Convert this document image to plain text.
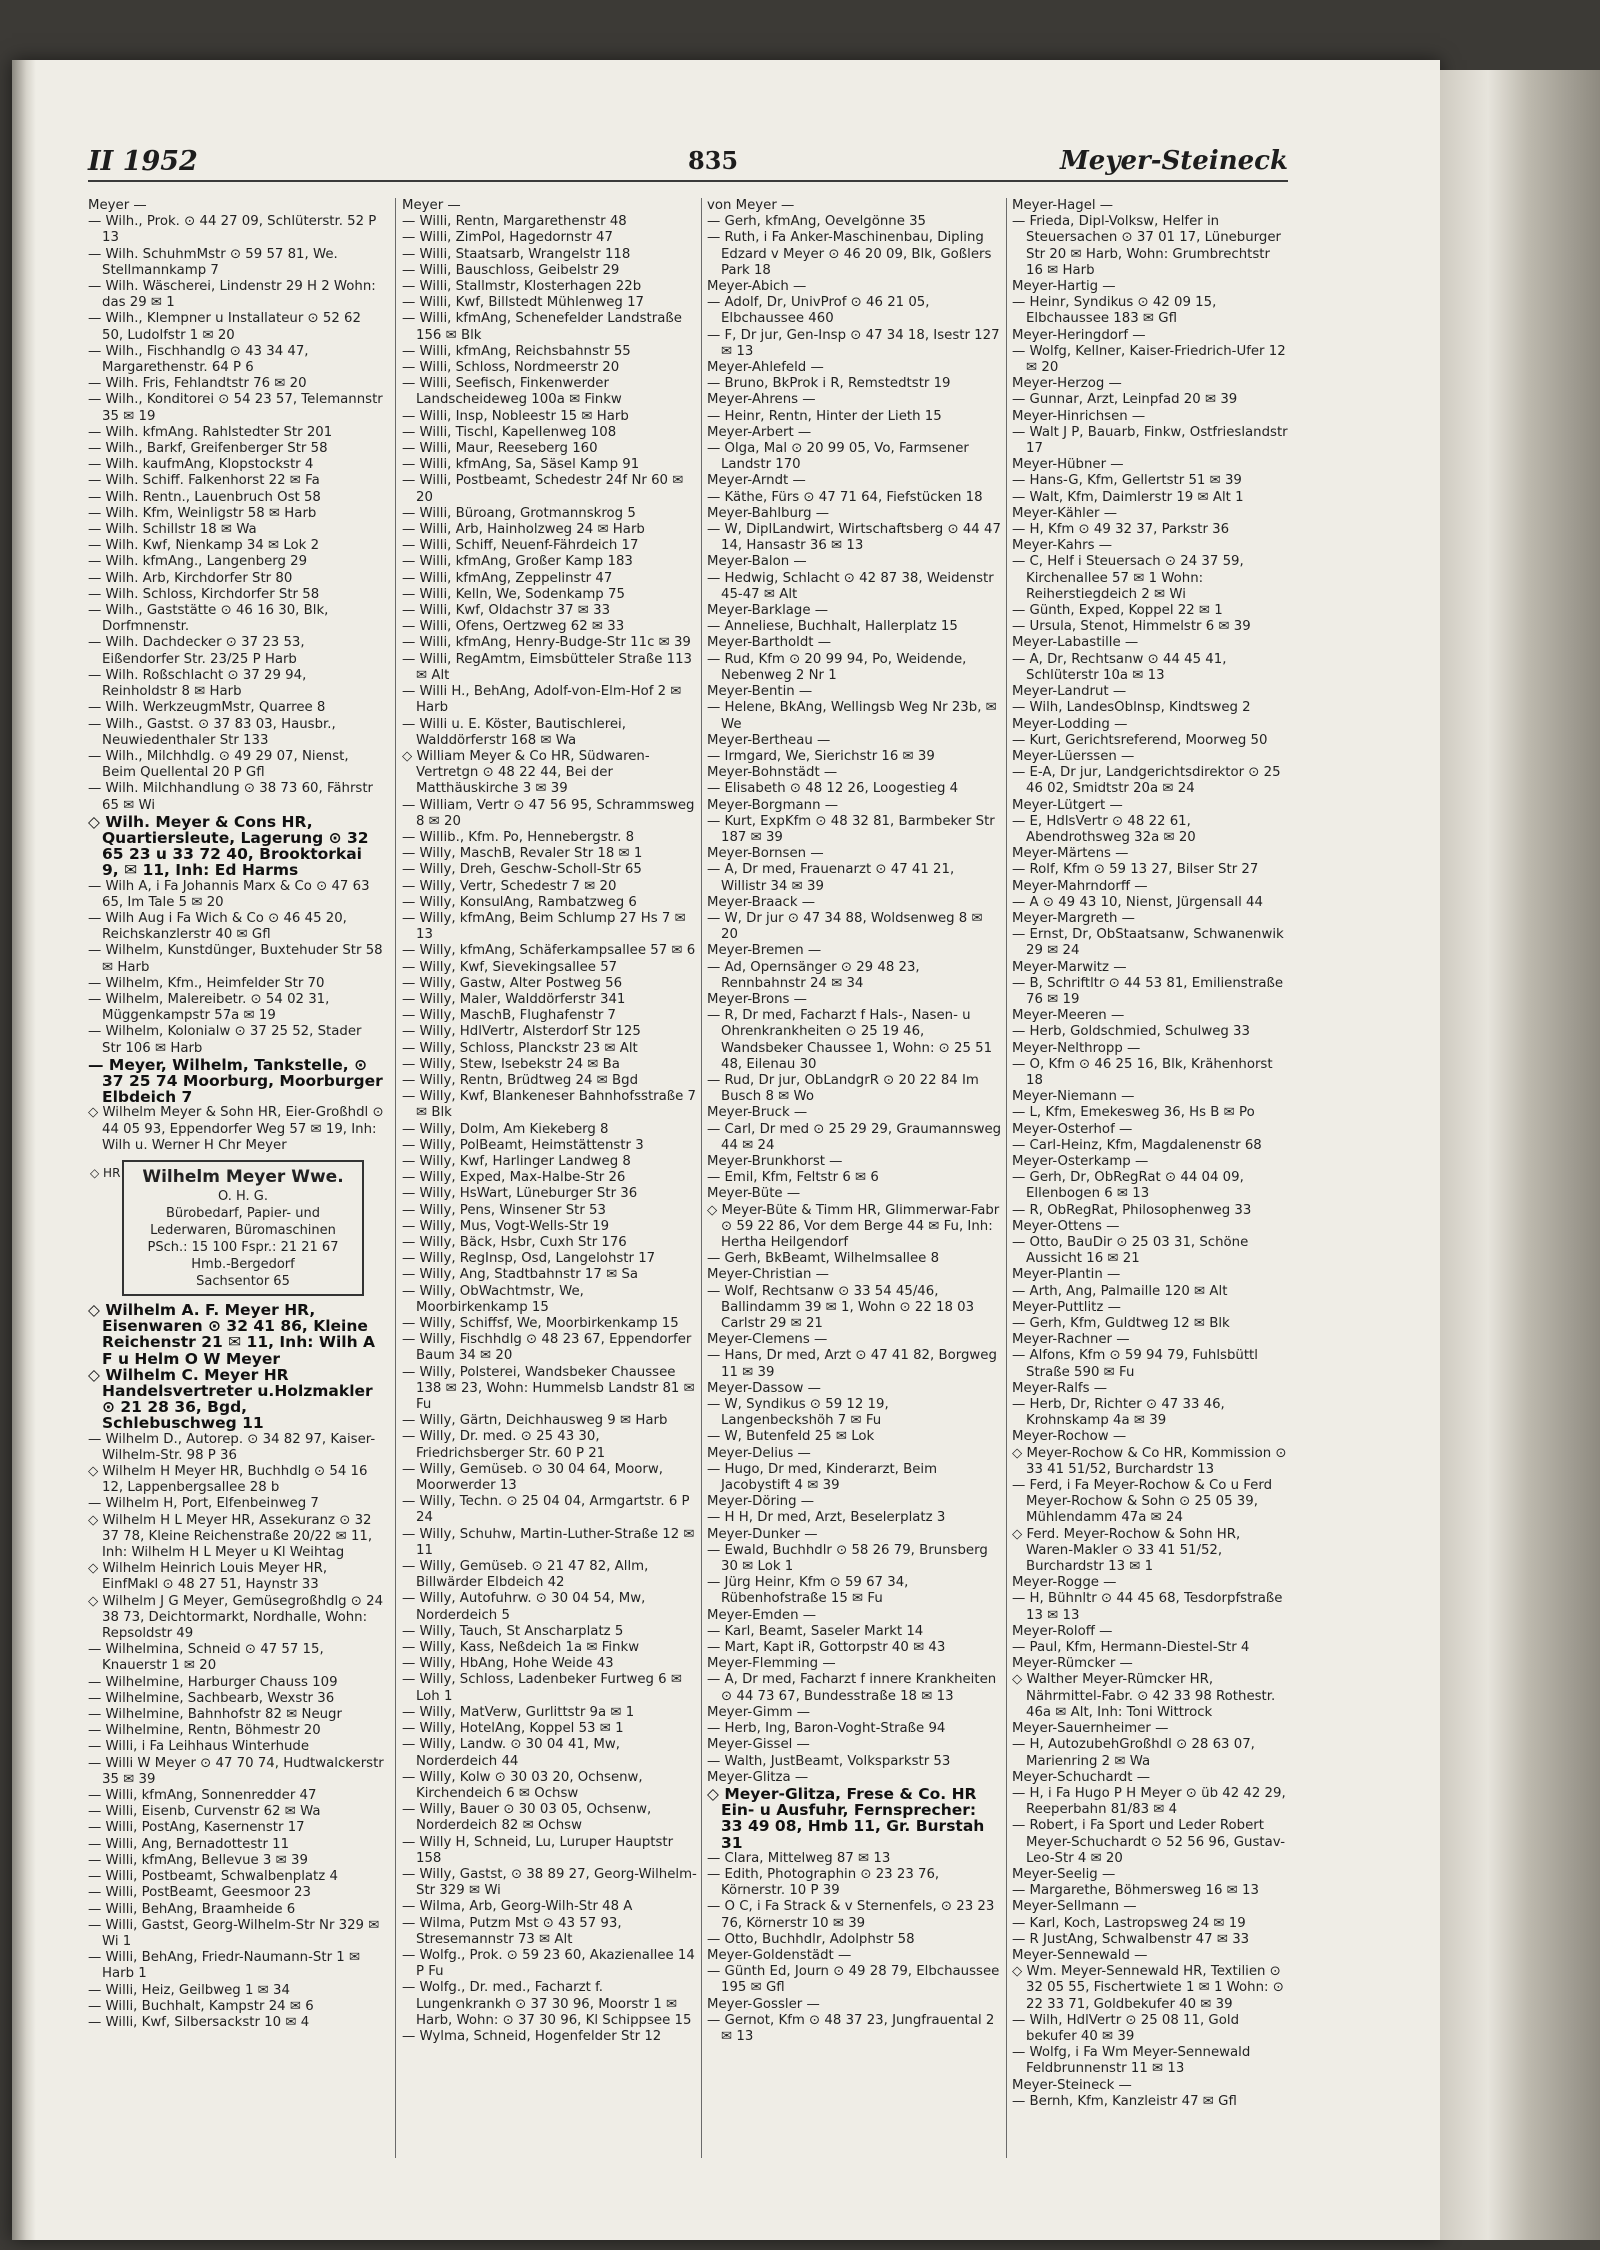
II 1952	835	Meyer-Steineck

Meyer —

— Wilh., Prok. ⊙ 44 27 09, Schlüterstr. 52 P 13

— Wilh. SchuhmMstr ⊙ 59 57 81, We. Stellmannkamp 7

— Wilh. Wäscherei, Lindenstr 29 H 2 Wohn: das 29 ✉ 1

— Wilh., Klempner u Installateur ⊙ 52 62 50, Ludolfstr 1 ✉ 20

— Wilh., Fischhandlg ⊙ 43 34 47, Margarethenstr. 64 P 6

— Wilh. Fris, Fehlandtstr 76 ✉ 20

— Wilh., Konditorei ⊙ 54 23 57, Telemannstr 35 ✉ 19

— Wilh. kfmAng. Rahlstedter Str 201

— Wilh., Barkf, Greifenberger Str 58

— Wilh. kaufmAng, Klopstockstr 4

— Wilh. Schiff. Falkenhorst 22 ✉ Fa

— Wilh. Rentn., Lauenbruch Ost 58

— Wilh. Kfm, Weinligstr 58 ✉ Harb

— Wilh. Schillstr 18 ✉ Wa

— Wilh. Kwf, Nienkamp 34 ✉ Lok 2

— Wilh. kfmAng., Langenberg 29

— Wilh. Arb, Kirchdorfer Str 80

— Wilh. Schloss, Kirchdorfer Str 58

— Wilh., Gaststätte ⊙ 46 16 30, Blk, Dorfmnenstr.

— Wilh. Dachdecker ⊙ 37 23 53, Eißendorfer Str. 23/25 P Harb

— Wilh. Roßschlacht ⊙ 37 29 94, Reinholdstr 8 ✉ Harb

— Wilh. WerkzeugmMstr, Quarree 8

— Wilh., Gastst. ⊙ 37 83 03, Hausbr., Neuwiedenthaler Str 133

— Wilh., Milchhdlg. ⊙ 49 29 07, Nienst, Beim Quellental 20 P Gfl

— Wilh. Milchhandlung ⊙ 38 73 60, Fährstr 65 ✉ Wi

◇ Wilh. Meyer & Cons HR, Quartiersleute, Lagerung ⊙ 32 65 23 u 33 72 40, Brooktorkai 9, ✉ 11, Inh: Ed Harms

— Wilh A, i Fa Johannis Marx & Co ⊙ 47 63 65, Im Tale 5 ✉ 20

— Wilh Aug i Fa Wich & Co ⊙ 46 45 20, Reichskanzlerstr 40 ✉ Gfl

— Wilhelm, Kunstdünger, Buxtehuder Str 58 ✉ Harb

— Wilhelm, Kfm., Heimfelder Str 70

— Wilhelm, Malereibetr. ⊙ 54 02 31, Müggenkampstr 57a ✉ 19

— Wilhelm, Kolonialw ⊙ 37 25 52, Stader Str 106 ✉ Harb

— Meyer, Wilhelm, Tankstelle, ⊙ 37 25 74 Moorburg, Moorburger Elbdeich 7

◇ Wilhelm Meyer & Sohn HR, Eier-Großhdl ⊙ 44 05 93, Eppendorfer Weg 57 ✉ 19, Inh: Wilh u. Werner H Chr Meyer

◇ HR	Wilhelm Meyer Wwe.
O. H. G.
Bürobedarf, Papier- und
Lederwaren, Büromaschinen
PSch.: 15 100 Fspr.: 21 21 67
Hmb.-Bergedorf
Sachsentor 65

◇ Wilhelm A. F. Meyer HR, Eisenwaren ⊙ 32 41 86, Kleine Reichenstr 21 ✉ 11, Inh: Wilh A F u Helm O W Meyer

◇ Wilhelm C. Meyer HR Handelsvertreter u.Holzmakler ⊙ 21 28 36, Bgd, Schlebuschweg 11

— Wilhelm D., Autorep. ⊙ 34 82 97, Kaiser-Wilhelm-Str. 98 P 36

◇ Wilhelm H Meyer HR, Buchhdlg ⊙ 54 16 12, Lappenbergsallee 28 b

— Wilhelm H, Port, Elfenbeinweg 7

◇ Wilhelm H L Meyer HR, Assekuranz ⊙ 32 37 78, Kleine Reichenstraße 20/22 ✉ 11, Inh: Wilhelm H L Meyer u Kl Weihtag

◇ Wilhelm Heinrich Louis Meyer HR, EinfMakl ⊙ 48 27 51, Haynstr 33

◇ Wilhelm J G Meyer, Gemüsegroßhdlg ⊙ 24 38 73, Deichtormarkt, Nordhalle, Wohn: Repsoldstr 49

— Wilhelmina, Schneid ⊙ 47 57 15, Knauerstr 1 ✉ 20

— Wilhelmine, Harburger Chauss 109

— Wilhelmine, Sachbearb, Wexstr 36

— Wilhelmine, Bahnhofstr 82 ✉ Neugr

— Wilhelmine, Rentn, Böhmestr 20

— Willi, i Fa Leihhaus Winterhude

— Willi W Meyer ⊙ 47 70 74, Hudtwalckerstr 35 ✉ 39

— Willi, kfmAng, Sonnenredder 47

— Willi, Eisenb, Curvenstr 62 ✉ Wa

— Willi, PostAng, Kasernenstr 17

— Willi, Ang, Bernadottestr 11

— Willi, kfmAng, Bellevue 3 ✉ 39

— Willi, Postbeamt, Schwalbenplatz 4

— Willi, PostBeamt, Geesmoor 23

— Willi, BehAng, Braamheide 6

— Willi, Gastst, Georg-Wilhelm-Str Nr 329 ✉ Wi 1

— Willi, BehAng, Friedr-Naumann-Str 1 ✉ Harb 1

— Willi, Heiz, Geilbweg 1 ✉ 34

— Willi, Buchhalt, Kampstr 24 ✉ 6

— Willi, Kwf, Silbersackstr 10 ✉ 4

Meyer —

— Willi, Rentn, Margarethenstr 48

— Willi, ZimPol, Hagedornstr 47

— Willi, Staatsarb, Wrangelstr 118

— Willi, Bauschloss, Geibelstr 29

— Willi, Stallmstr, Klosterhagen 22b

— Willi, Kwf, Billstedt Mühlenweg 17

— Willi, kfmAng, Schenefelder Landstraße 156 ✉ Blk

— Willi, kfmAng, Reichsbahnstr 55

— Willi, Schloss, Nordmeerstr 20

— Willi, Seefisch, Finkenwerder Landscheideweg 100a ✉ Finkw

— Willi, Insp, Nobleestr 15 ✉ Harb

— Willi, Tischl, Kapellenweg 108

— Willi, Maur, Reeseberg 160

— Willi, kfmAng, Sa, Säsel Kamp 91

— Willi, Postbeamt, Schedestr 24f Nr 60 ✉ 20

— Willi, Büroang, Grotmannskrog 5

— Willi, Arb, Hainholzweg 24 ✉ Harb

— Willi, Schiff, Neuenf-Fährdeich 17

— Willi, kfmAng, Großer Kamp 183

— Willi, kfmAng, Zeppelinstr 47

— Willi, Kelln, We, Sodenkamp 75

— Willi, Kwf, Oldachstr 37 ✉ 33

— Willi, Ofens, Oertzweg 62 ✉ 33

— Willi, kfmAng, Henry-Budge-Str 11c ✉ 39

— Willi, RegAmtm, Eimsbütteler Straße 113 ✉ Alt

— Willi H., BehAng, Adolf-von-Elm-Hof 2 ✉ Harb

— Willi u. E. Köster, Bautischlerei, Walddörferstr 168 ✉ Wa

◇ William Meyer & Co HR, Südwaren-Vertretgn ⊙ 48 22 44, Bei der Matthäuskirche 3 ✉ 39

— William, Vertr ⊙ 47 56 95, Schrammsweg 8 ✉ 20

— Willib., Kfm. Po, Hennebergstr. 8

— Willy, MaschB, Revaler Str 18 ✉ 1

— Willy, Dreh, Geschw-Scholl-Str 65

— Willy, Vertr, Schedestr 7 ✉ 20

— Willy, KonsulAng, Rambatzweg 6

— Willy, kfmAng, Beim Schlump 27 Hs 7 ✉ 13

— Willy, kfmAng, Schäferkampsallee 57 ✉ 6

— Willy, Kwf, Sievekingsallee 57

— Willy, Gastw, Alter Postweg 56

— Willy, Maler, Walddörferstr 341

— Willy, MaschB, Flughafenstr 7

— Willy, HdlVertr, Alsterdorf Str 125

— Willy, Schloss, Planckstr 23 ✉ Alt

— Willy, Stew, Isebekstr 24 ✉ Ba

— Willy, Rentn, Brüdtweg 24 ✉ Bgd

— Willy, Kwf, Blankeneser Bahnhofsstraße 7 ✉ Blk

— Willy, Dolm, Am Kiekeberg 8

— Willy, PolBeamt, Heimstättenstr 3

— Willy, Kwf, Harlinger Landweg 8

— Willy, Exped, Max-Halbe-Str 26

— Willy, HsWart, Lüneburger Str 36

— Willy, Pens, Winsener Str 53

— Willy, Mus, Vogt-Wells-Str 19

— Willy, Bäck, Hsbr, Cuxh Str 176

— Willy, RegInsp, Osd, Langelohstr 17

— Willy, Ang, Stadtbahnstr 17 ✉ Sa

— Willy, ObWachtmstr, We, Moorbirkenkamp 15

— Willy, Schiffsf, We, Moorbirkenkamp 15

— Willy, Fischhdlg ⊙ 48 23 67, Eppendorfer Baum 34 ✉ 20

— Willy, Polsterei, Wandsbeker Chaussee 138 ✉ 23, Wohn: Hummelsb Landstr 81 ✉ Fu

— Willy, Gärtn, Deichhausweg 9 ✉ Harb

— Willy, Dr. med. ⊙ 25 43 30, Friedrichsberger Str. 60 P 21

— Willy, Gemüseb. ⊙ 30 04 64, Moorw, Moorwerder 13

— Willy, Techn. ⊙ 25 04 04, Armgartstr. 6 P 24

— Willy, Schuhw, Martin-Luther-Straße 12 ✉ 11

— Willy, Gemüseb. ⊙ 21 47 82, Allm, Billwärder Elbdeich 42

— Willy, Autofuhrw. ⊙ 30 04 54, Mw, Norderdeich 5

— Willy, Tauch, St Anscharplatz 5

— Willy, Kass, Neßdeich 1a ✉ Finkw

— Willy, HbAng, Hohe Weide 43

— Willy, Schloss, Ladenbeker Furtweg 6 ✉ Loh 1

— Willy, MatVerw, Gurlittstr 9a ✉ 1

— Willy, HotelAng, Koppel 53 ✉ 1

— Willy, Landw. ⊙ 30 04 41, Mw, Norderdeich 44

— Willy, Kolw ⊙ 30 03 20, Ochsenw, Kirchendeich 6 ✉ Ochsw

— Willy, Bauer ⊙ 30 03 05, Ochsenw, Norderdeich 82 ✉ Ochsw

— Willy H, Schneid, Lu, Luruper Hauptstr 158

— Willy, Gastst, ⊙ 38 89 27, Georg-Wilhelm-Str 329 ✉ Wi

— Wilma, Arb, Georg-Wilh-Str 48 A

— Wilma, Putzm Mst ⊙ 43 57 93, Stresemannstr 73 ✉ Alt

— Wolfg., Prok. ⊙ 59 23 60, Akazienallee 14 P Fu

— Wolfg., Dr. med., Facharzt f. Lungenkrankh ⊙ 37 30 96, Moorstr 1 ✉ Harb, Wohn: ⊙ 37 30 96, Kl Schippsee 15

— Wylma, Schneid, Hogenfelder Str 12

von Meyer —

— Gerh, kfmAng, Oevelgönne 35

— Ruth, i Fa Anker-Maschinenbau, Dipling Edzard v Meyer ⊙ 46 20 09, Blk, Goßlers Park 18

Meyer-Abich —

— Adolf, Dr, UnivProf ⊙ 46 21 05, Elbchaussee 460

— F, Dr jur, Gen-Insp ⊙ 47 34 18, Isestr 127 ✉ 13

Meyer-Ahlefeld —

— Bruno, BkProk i R, Remstedtstr 19

Meyer-Ahrens —

— Heinr, Rentn, Hinter der Lieth 15

Meyer-Arbert —

— Olga, Mal ⊙ 20 99 05, Vo, Farmsener Landstr 170

Meyer-Arndt —

— Käthe, Fürs ⊙ 47 71 64, Fiefstücken 18

Meyer-Bahlburg —

— W, DiplLandwirt, Wirtschaftsberg ⊙ 44 47 14, Hansastr 36 ✉ 13

Meyer-Balon —

— Hedwig, Schlacht ⊙ 42 87 38, Weidenstr 45-47 ✉ Alt

Meyer-Barklage —

— Anneliese, Buchhalt, Hallerplatz 15

Meyer-Bartholdt —

— Rud, Kfm ⊙ 20 99 94, Po, Weidende, Nebenweg 2 Nr 1

Meyer-Bentin —

— Helene, BkAng, Wellingsb Weg Nr 23b, ✉ We

Meyer-Bertheau —

— Irmgard, We, Sierichstr 16 ✉ 39

Meyer-Bohnstädt —

— Elisabeth ⊙ 48 12 26, Loogestieg 4

Meyer-Borgmann —

— Kurt, ExpKfm ⊙ 48 32 81, Barmbeker Str 187 ✉ 39

Meyer-Bornsen —

— A, Dr med, Frauenarzt ⊙ 47 41 21, Willistr 34 ✉ 39

Meyer-Braack —

— W, Dr jur ⊙ 47 34 88, Woldsenweg 8 ✉ 20

Meyer-Bremen —

— Ad, Opernsänger ⊙ 29 48 23, Rennbahnstr 24 ✉ 34

Meyer-Brons —

— R, Dr med, Facharzt f Hals-, Nasen- u Ohrenkrankheiten ⊙ 25 19 46, Wandsbeker Chaussee 1, Wohn: ⊙ 25 51 48, Eilenau 30

— Rud, Dr jur, ObLandgrR ⊙ 20 22 84 Im Busch 8 ✉ Wo

Meyer-Bruck —

— Carl, Dr med ⊙ 25 29 29, Graumannsweg 44 ✉ 24

Meyer-Brunkhorst —

— Emil, Kfm, Feltstr 6 ✉ 6

Meyer-Büte —

◇ Meyer-Büte & Timm HR, Glimmerwar-Fabr ⊙ 59 22 86, Vor dem Berge 44 ✉ Fu, Inh: Hertha Heilgendorf

— Gerh, BkBeamt, Wilhelmsallee 8

Meyer-Christian —

— Wolf, Rechtsanw ⊙ 33 54 45/46, Ballindamm 39 ✉ 1, Wohn ⊙ 22 18 03 Carlstr 29 ✉ 21

Meyer-Clemens —

— Hans, Dr med, Arzt ⊙ 47 41 82, Borgweg 11 ✉ 39

Meyer-Dassow —

— W, Syndikus ⊙ 59 12 19, Langenbeckshöh 7 ✉ Fu

— W, Butenfeld 25 ✉ Lok

Meyer-Delius —

— Hugo, Dr med, Kinderarzt, Beim Jacobystift 4 ✉ 39

Meyer-Döring —

— H H, Dr med, Arzt, Beselerplatz 3

Meyer-Dunker —

— Ewald, Buchhdlr ⊙ 58 26 79, Brunsberg 30 ✉ Lok 1

— Jürg Heinr, Kfm ⊙ 59 67 34, Rübenhofstraße 15 ✉ Fu

Meyer-Emden —

— Karl, Beamt, Saseler Markt 14

— Mart, Kapt iR, Gottorpstr 40 ✉ 43

Meyer-Flemming —

— A, Dr med, Facharzt f innere Krankheiten ⊙ 44 73 67, Bundesstraße 18 ✉ 13

Meyer-Gimm —

— Herb, Ing, Baron-Voght-Straße 94

Meyer-Gissel —

— Walth, JustBeamt, Volksparkstr 53

Meyer-Glitza —

◇ Meyer-Glitza, Frese & Co. HR Ein- u Ausfuhr, Fernsprecher: 33 49 08, Hmb 11, Gr. Burstah 31

— Clara, Mittelweg 87 ✉ 13

— Edith, Photographin ⊙ 23 23 76, Körnerstr. 10 P 39

— O C, i Fa Strack & v Sternenfels, ⊙ 23 23 76, Körnerstr 10 ✉ 39

— Otto, Buchhdlr, Adolphstr 58

Meyer-Goldenstädt —

— Günth Ed, Journ ⊙ 49 28 79, Elbchaussee 195 ✉ Gfl

Meyer-Gossler —

— Gernot, Kfm ⊙ 48 37 23, Jungfrauental 2 ✉ 13

Meyer-Hagel —

— Frieda, Dipl-Volksw, Helfer in Steuersachen ⊙ 37 01 17, Lüneburger Str 20 ✉ Harb, Wohn: Grumbrechtstr 16 ✉ Harb

Meyer-Hartig —

— Heinr, Syndikus ⊙ 42 09 15, Elbchaussee 183 ✉ Gfl

Meyer-Heringdorf —

— Wolfg, Kellner, Kaiser-Friedrich-Ufer 12 ✉ 20

Meyer-Herzog —

— Gunnar, Arzt, Leinpfad 20 ✉ 39

Meyer-Hinrichsen —

— Walt J P, Bauarb, Finkw, Ostfrieslandstr 17

Meyer-Hübner —

— Hans-G, Kfm, Gellertstr 51 ✉ 39

— Walt, Kfm, Daimlerstr 19 ✉ Alt 1

Meyer-Kähler —

— H, Kfm ⊙ 49 32 37, Parkstr 36

Meyer-Kahrs —

— C, Helf i Steuersach ⊙ 24 37 59, Kirchenallee 57 ✉ 1 Wohn: Reiherstiegdeich 2 ✉ Wi

— Günth, Exped, Koppel 22 ✉ 1

— Ursula, Stenot, Himmelstr 6 ✉ 39

Meyer-Labastille —

— A, Dr, Rechtsanw ⊙ 44 45 41, Schlüterstr 10a ✉ 13

Meyer-Landrut —

— Wilh, LandesOblnsp, Kindtsweg 2

Meyer-Lodding —

— Kurt, Gerichtsreferend, Moorweg 50

Meyer-Lüerssen —

— E-A, Dr jur, Landgerichtsdirektor ⊙ 25 46 02, Smidtstr 20a ✉ 24

Meyer-Lütgert —

— E, HdlsVertr ⊙ 48 22 61, Abendrothsweg 32a ✉ 20

Meyer-Märtens —

— Rolf, Kfm ⊙ 59 13 27, Bilser Str 27

Meyer-Mahrndorff —

— A ⊙ 49 43 10, Nienst, Jürgensall 44

Meyer-Margreth —

— Ernst, Dr, ObStaatsanw, Schwanenwik 29 ✉ 24

Meyer-Marwitz —

— B, Schriftltr ⊙ 44 53 81, Emilienstraße 76 ✉ 19

Meyer-Meeren —

— Herb, Goldschmied, Schulweg 33

Meyer-Nelthropp —

— O, Kfm ⊙ 46 25 16, Blk, Krähenhorst 18

Meyer-Niemann —

— L, Kfm, Emekesweg 36, Hs B ✉ Po

Meyer-Osterhof —

— Carl-Heinz, Kfm, Magdalenenstr 68

Meyer-Osterkamp —

— Gerh, Dr, ObRegRat ⊙ 44 04 09, Ellenbogen 6 ✉ 13

— R, ObRegRat, Philosophenweg 33

Meyer-Ottens —

— Otto, BauDir ⊙ 25 03 31, Schöne Aussicht 16 ✉ 21

Meyer-Plantin —

— Arth, Ang, Palmaille 120 ✉ Alt

Meyer-Puttlitz —

— Gerh, Kfm, Guldtweg 12 ✉ Blk

Meyer-Rachner —

— Alfons, Kfm ⊙ 59 94 79, Fuhlsbüttl Straße 590 ✉ Fu

Meyer-Ralfs —

— Herb, Dr, Richter ⊙ 47 33 46, Krohnskamp 4a ✉ 39

Meyer-Rochow —

◇ Meyer-Rochow & Co HR, Kommission ⊙ 33 41 51/52, Burchardstr 13

— Ferd, i Fa Meyer-Rochow & Co u Ferd Meyer-Rochow & Sohn ⊙ 25 05 39, Mühlendamm 47a ✉ 24

◇ Ferd. Meyer-Rochow & Sohn HR, Waren-Makler ⊙ 33 41 51/52, Burchardstr 13 ✉ 1

Meyer-Rogge —

— H, Bühnltr ⊙ 44 45 68, Tesdorpfstraße 13 ✉ 13

Meyer-Roloff —

— Paul, Kfm, Hermann-Diestel-Str 4

Meyer-Rümcker —

◇ Walther Meyer-Rümcker HR, Nährmittel-Fabr. ⊙ 42 33 98 Rothestr. 46a ✉ Alt, Inh: Toni Wittrock

Meyer-Sauernheimer —

— H, AutozubehGroßhdl ⊙ 28 63 07, Marienring 2 ✉ Wa

Meyer-Schuchardt —

— H, i Fa Hugo P H Meyer ⊙ üb 42 42 29, Reeperbahn 81/83 ✉ 4

— Robert, i Fa Sport und Leder Robert Meyer-Schuchardt ⊙ 52 56 96, Gustav-Leo-Str 4 ✉ 20

Meyer-Seelig —

— Margarethe, Böhmersweg 16 ✉ 13

Meyer-Sellmann —

— Karl, Koch, Lastropsweg 24 ✉ 19

— R JustAng, Schwalbenstr 47 ✉ 33

Meyer-Sennewald —

◇ Wm. Meyer-Sennewald HR, Textilien ⊙ 32 05 55, Fischertwiete 1 ✉ 1 Wohn: ⊙ 22 33 71, Goldbekufer 40 ✉ 39

— Wilh, HdlVertr ⊙ 25 08 11, Gold bekufer 40 ✉ 39

— Wolfg, i Fa Wm Meyer-Sennewald Feldbrunnenstr 11 ✉ 13

Meyer-Steineck —

— Bernh, Kfm, Kanzleistr 47 ✉ Gfl
